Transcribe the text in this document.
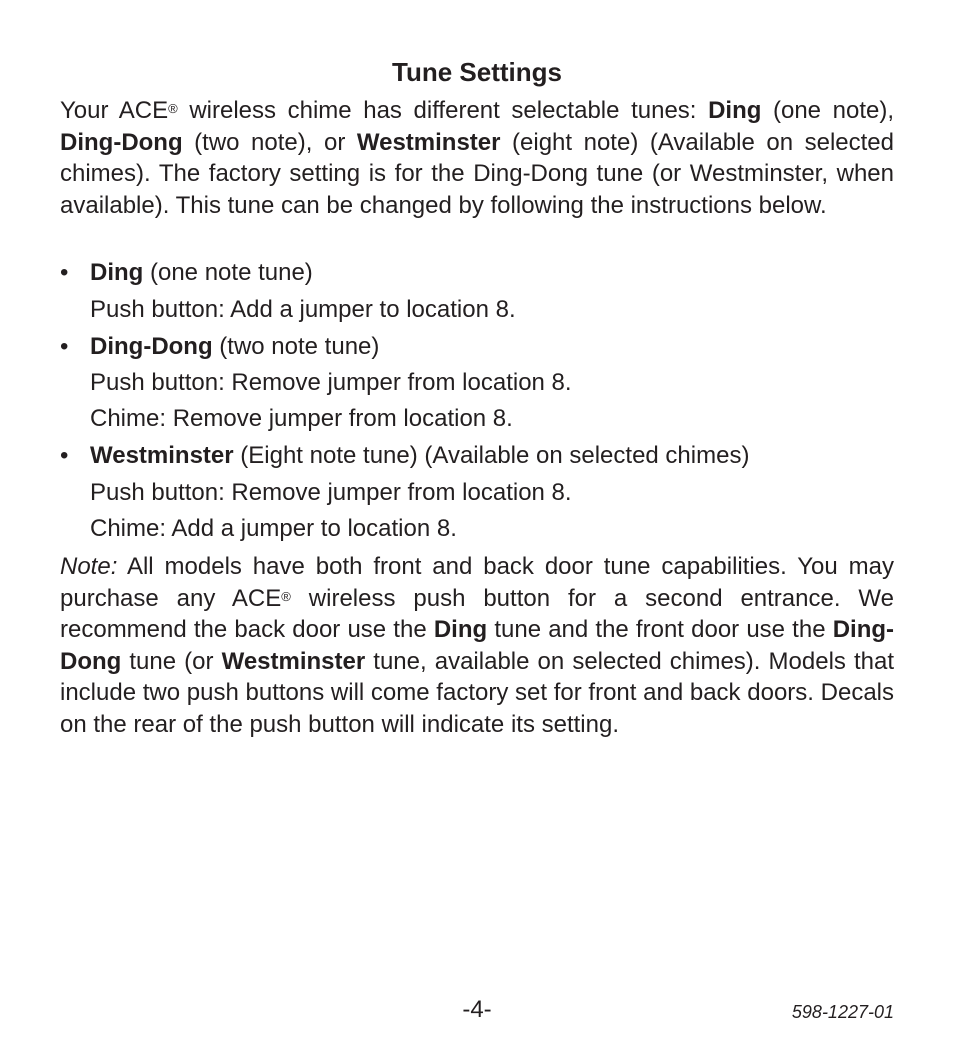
Tune Settings
Your ACE® wireless chime has different selectable tunes: Ding (one note), Ding-Dong (two note), or Westminster (eight note) (Available on selected chimes). The factory setting is for the Ding-Dong tune (or Westminster, when available). This tune can be changed by following the instructions below.
• Ding (one note tune)
Push button: Add a jumper to location 8.
• Ding-Dong (two note tune)
Push button: Remove jumper from location 8.
Chime: Remove jumper from location 8.
• Westminster (Eight note tune) (Available on selected chimes)
Push button: Remove jumper from location 8.
Chime: Add a jumper to location 8.
Note: All models have both front and back door tune capabilities. You may purchase any ACE® wireless push button for a second entrance. We recommend the back door use the Ding tune and the front door use the Ding-Dong tune (or Westminster tune, available on selected chimes). Models that include two push buttons will come factory set for front and back doors. Decals on the rear of the push button will indicate its setting.
-4-	598-1227-01
